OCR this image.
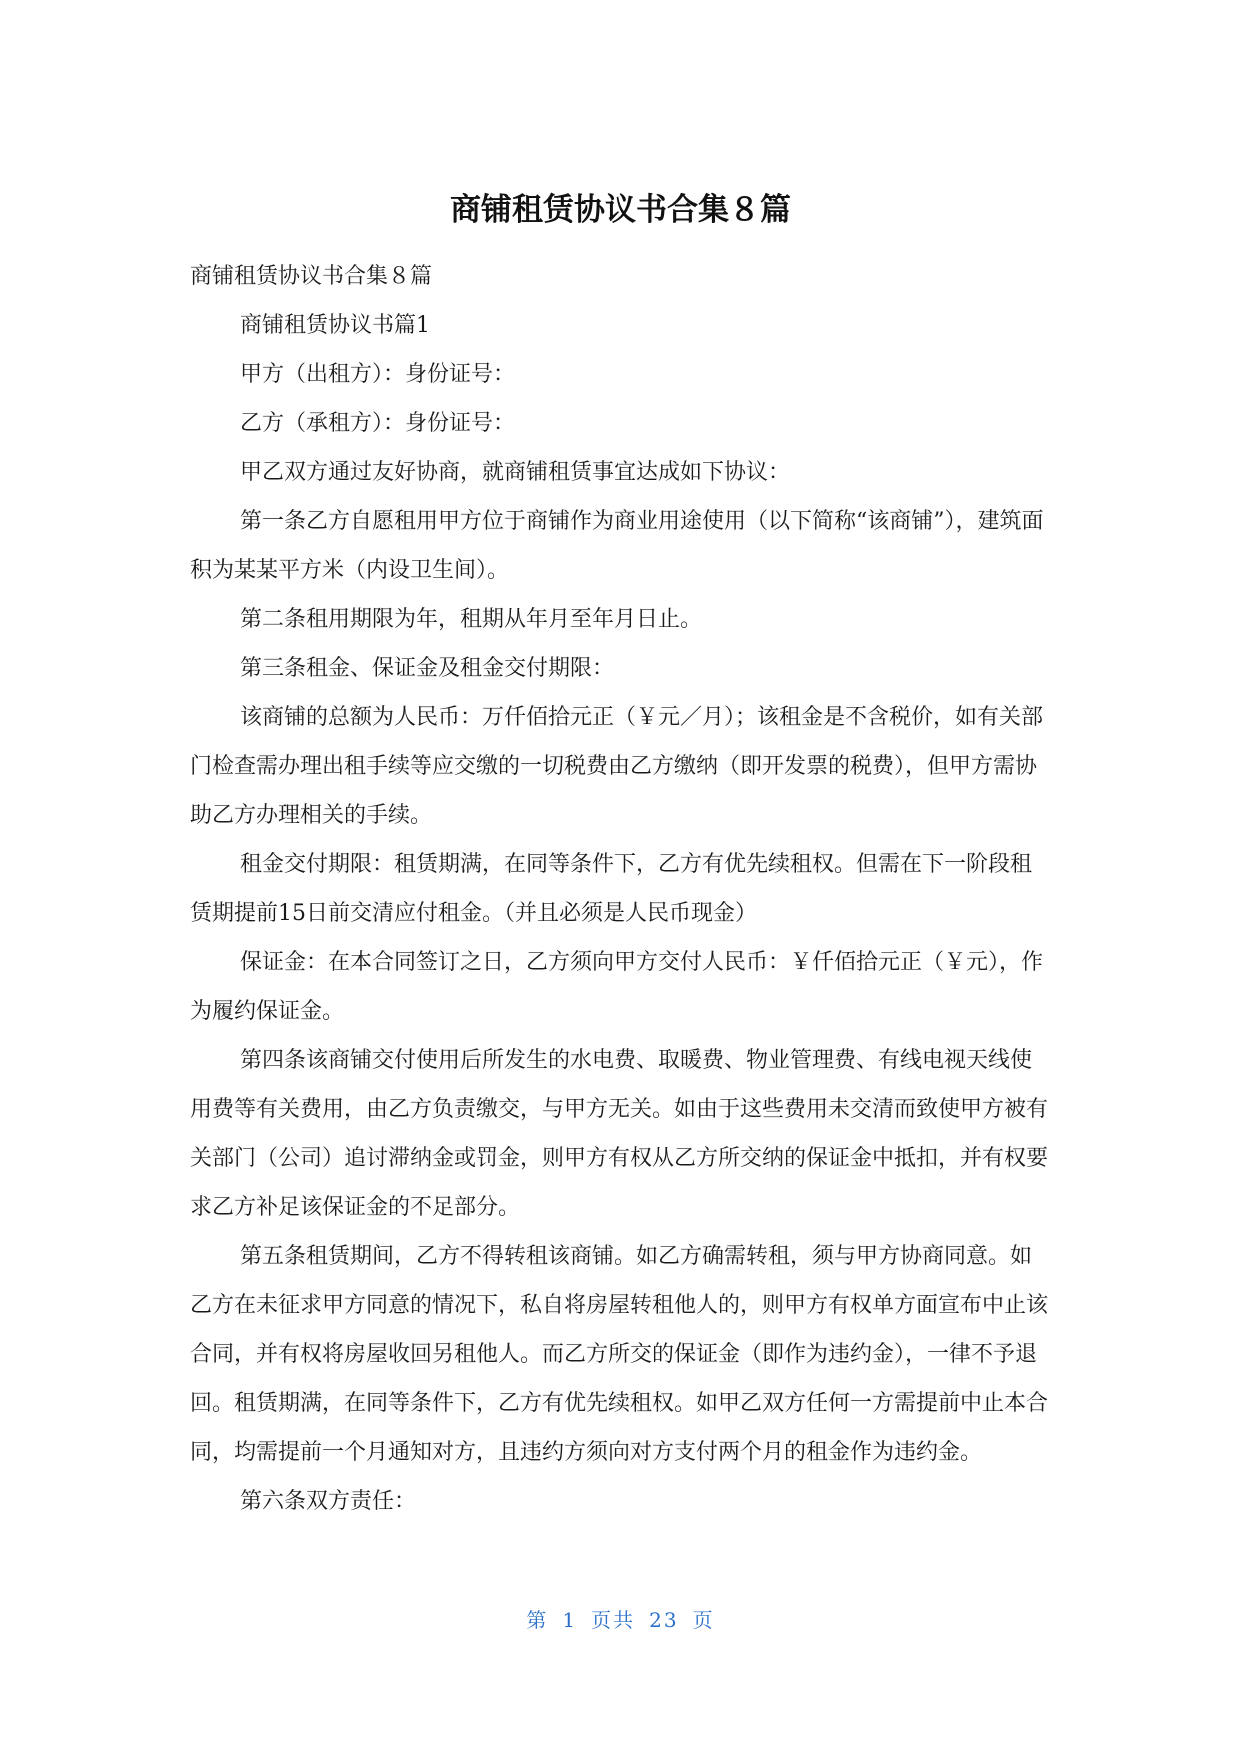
商铺租赁协议书合集８篇

商铺租赁协议书合集８篇

商铺租赁协议书篇1

甲方（出租方）：身份证号：

乙方（承租方）：身份证号：

甲乙双方通过友好协商，就商铺租赁事宜达成如下协议：

第一条乙方自愿租用甲方位于商铺作为商业用途使用（以下简称“该商铺”），建筑面积为某某平方米（内设卫生间）。

第二条租用期限为年，租期从年月至年月日止。

第三条租金、保证金及租金交付期限：

该商铺的总额为人民币：万仟佰拾元正（￥元／月）；该租金是不含税价，如有关部门检查需办理出租手续等应交缴的一切税费由乙方缴纳（即开发票的税费），但甲方需协助乙方办理相关的手续。

租金交付期限：租赁期满，在同等条件下，乙方有优先续租权。但需在下一阶段租赁期提前15日前交清应付租金。（并且必须是人民币现金）

保证金：在本合同签订之日，乙方须向甲方交付人民币：￥仟佰拾元正（￥元），作为履约保证金。

第四条该商铺交付使用后所发生的水电费、取暖费、物业管理费、有线电视天线使用费等有关费用，由乙方负责缴交，与甲方无关。如由于这些费用未交清而致使甲方被有关部门（公司）追讨滞纳金或罚金，则甲方有权从乙方所交纳的保证金中抵扣，并有权要求乙方补足该保证金的不足部分。

第五条租赁期间，乙方不得转租该商铺。如乙方确需转租，须与甲方协商同意。如乙方在未征求甲方同意的情况下，私自将房屋转租他人的，则甲方有权单方面宣布中止该合同，并有权将房屋收回另租他人。而乙方所交的保证金（即作为违约金），一律不予退回。租赁期满，在同等条件下，乙方有优先续租权。如甲乙双方任何一方需提前中止本合同，均需提前一个月通知对方，且违约方须向对方支付两个月的租金作为违约金。

第六条双方责任：

第 1 页共 23 页
